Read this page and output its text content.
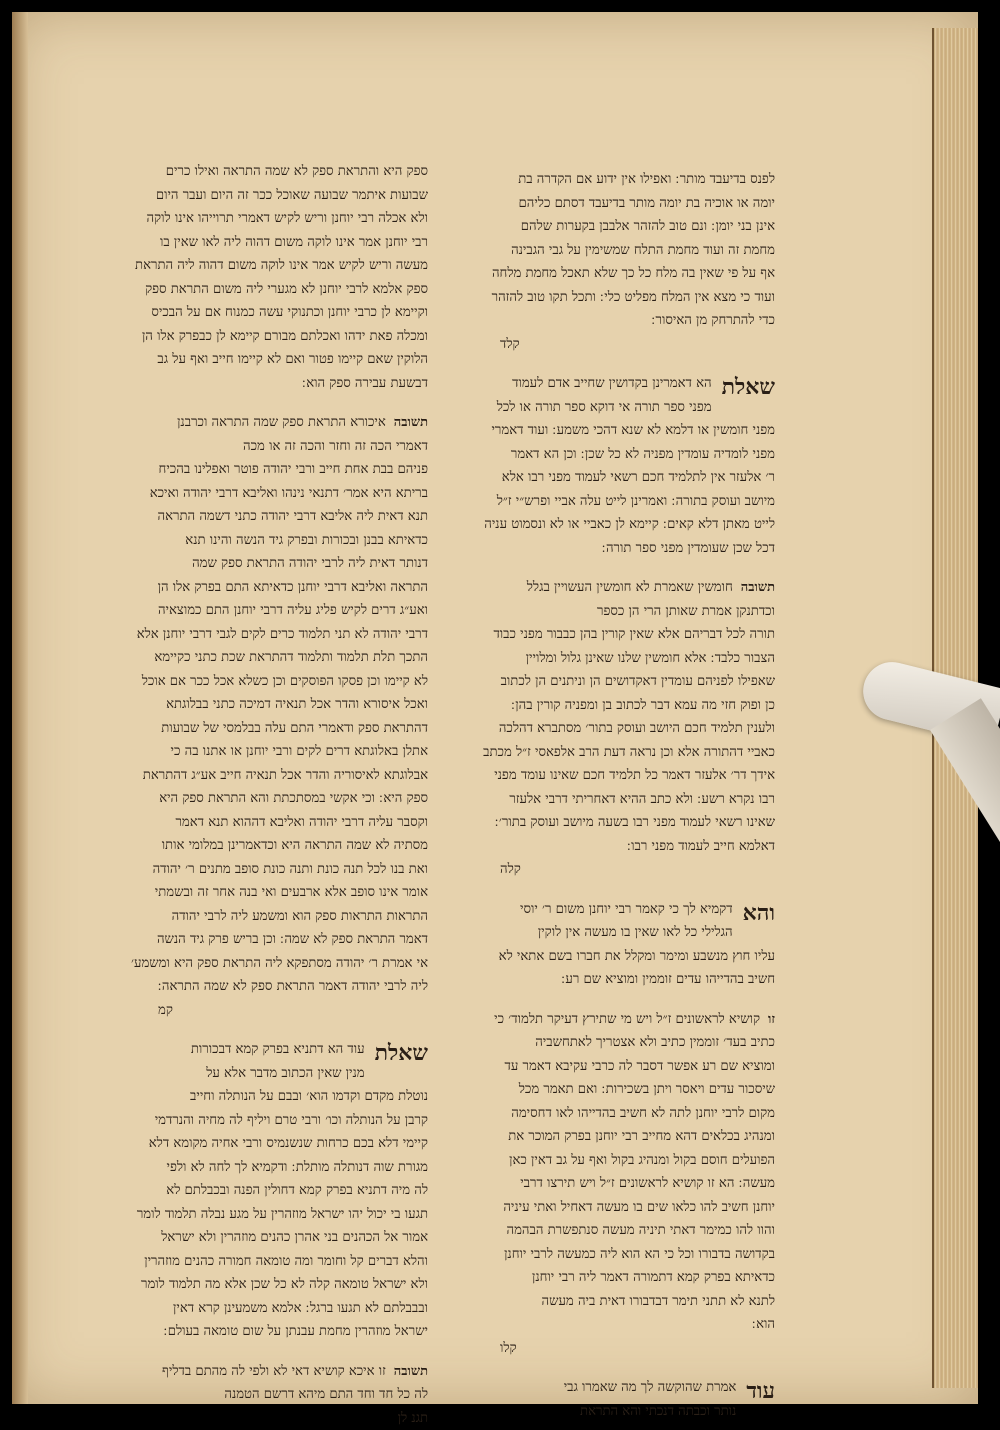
לפנס בדיעבד מותר ׃ ואפילו אין ידוע אם הקדרה בת

יומה או אוכיה בת יומה מותר בדיעבד דסתם כליהם

אינן בני יומן ׃ ונם טוב להזהר אלבבן בקערות שלהם

מחמת זה ועוד מחמת התלח שמשימין על גבי הגבינה

אף על פי שאין בה מלח כל כך שלא תאכל מחמת מלחה

ועוד כי מצא אין המלח מפליט כלי ׃ ותכל תקו טוב להזהר

כדי להתרחק מן האיסור ׃

קלד
שאלת

הא דאמרינן בקדושין שחייב אדם לעמוד

מפני ספר תורה אי דוקא ספר תורה או לכל

מפני חומשין או דלמא לא שנא דהכי משמע ׃ ועוד דאמרי

מפני לומדיה עומדין מפניה לא כל שכן ׃ וכן הא דאמר

ר׳ אלעזר אין לתלמיד חכם רשאי לעמוד מפני רבו אלא

מיושב ועוסק בתורה ׃ ואמרינן לייט עלה אביי ופרש״י ז״ל

לייט מאתן דלא קאים ׃ קיימא לן כאביי או לא ונסמוט עניה

דכל שכן שעומדין מפני ספר תורה ׃

תשובה

חומשין שאמרת לא חומשין העשויין בגלל

וכדתנקן אמרת שאותן הרי הן כספר

תורה לכל דבריהם אלא שאין קורין בהן כבבור מפני כבוד

הצבור כלבד ׃ אלא חומשין שלנו שאינן גלול ומלויין

שאפילו לפניהם עומדין דאקדושים הן וניתנים הן לכתוב

כן ופוק חזי מה עמא דבר לכתוב בן ומפניה קורין בהן ׃

ולענין תלמיד חכם היושב ועוסק בתור׳ מסתברא דהלכה

כאביי דהתורה אלא וכן נראה דעת הרב אלפאסי ז״ל מכתב

אידך דר׳ אלעזר דאמר כל תלמיד חכם שאינו עומד מפני

רבו נקרא רשע ׃ ולא כתב ההיא דאחריתי דרבי אלעזר

שאינו רשאי לעמוד מפני רבו בשעה מיושב ועוסק בתור׳ ׃

דאלמא חייב לעמוד מפני רבו ׃

קלה
והא

דקמיא לך כי קאמר רבי יוחנן משום ר׳ יוסי

הגלילי כל לאו שאין בו מעשה אין לוקין

עליו חוץ מנשבע ומימר ומקלל את חברו בשם אתאי לא

חשיב בהדייהו עדים זוממין ומוציא שם רע ׃

זו

קושיא לראשונים ז״ל ויש מי שתירץ דעיקר תלמוד׳ כי

כתיב בעד׳ זוממין כתיב ולא אצטריך לאתחשביה

ומוציא שם רע אפשר דסבר לה כרבי עקיבא דאמר עד

שיסכור עדים ויאסר ויתן בשכירות ׃ ואם תאמר מכל

מקום לרבי יוחנן לתה לא חשיב בהדייהו לאו דחסימה

ומנהיג בכלאים דהא מחייב רבי יוחנן בפרק המוכר את

הפועלים חוסם בקול ומנהיג בקול ואף על גב דאין כאן

מעשה ׃ הא זו קושיא לראשונים ז״ל ויש תירצו דרבי

יוחנן חשיב להו כלאו שים בו מעשה דאחיל ואתי עיניה

והוו להו כמימר דאתי תיניה מעשה סנתפשרת הבהמה

בקדושה בדבורו וכל כי הא הוא ליה כמעשה לרבי יוחנן

כדאיתא בפרק קמא דתמורה דאמר ליה רבי יוחנן

לתנא לא תתני תימר דבדבורו דאית ביה מעשה

הוא ׃

קלו
עוד

אמרת שהוקשה לך מה שאמרו גבי

נותר וכבתה דנכתי והא התראת

ספק היא והתראת ספק לא שמה התראה ואילו כרים

שבועות איתמר שבועה שאוכל ככר זה היום ועבר היום

ולא אכלה רבי יוחנן וריש לקיש דאמרי תרוייהו אינו לוקה

רבי יוחנן אמר אינו לוקה משום דהוה ליה לאו שאין בו

מעשה וריש לקיש אמר אינו לוקה משום דהוה ליה התראת

ספק אלמא לרבי יוחנן לא מגערי ליה משום התראת ספק

וקיימא לן כרבי יוחנן וכתנוקי עשה כמנוח אם על הבכיס

ומכלה פאת ידהו ואכלתם מבורם קיימא לן כבפרק אלו הן

הלוקין שאם קיימו פטור ואם לא קיימו חייב ואף על גב

דבשעת עבירה ספק הוא ׃

תשובה

איכורא התראת ספק שמה התראה וכרבנן

דאמרי הכה זה וחזר והכה זה או מכה

פניהם בבת אחת חייב ורבי יהודה פוטר ואפלינו בהכיח

בריתא היא אמר׳ דתנאי נינהו ואליבא דרבי יהודה ואיכא

תנא דאית ליה אליבא דרבי יהודה כתני דשמה התראה

כדאיתא בבנן ובכורות ובפרק גיד הנשה והינו תנא

דנותר דאית ליה לרבי יהודה התראת ספק שמה

התראה ואליבא דרבי יוחנן כדאיתא התם בפרק אלו הן

ואע״ג דרים לקיש פליג עליה דרבי יוחנן התם כמוצאיה

דרבי יהודה לא תני תלמוד כרים לקים לגבי דרבי יוחנן אלא

התכך תלת תלמוד ותלמוד דהתראת שכת כתני כקיימא

לא קיימו וכן פסקו הפוסקים וכן כשלא אכל ככר אם אוכל

ואכל איסורא והדר אכל תנאיה דמיכה כתני בבלוגתא

דהתראת ספק ודאמרי התם עלה בבלמסי של שבועות

אתלן באלוגתא דרים לקים ורבי יוחנן או אתנו בה כי

אבלוגתא לאיסוריה והדר אכל תנאיה חייב אע״ג דהתראת

ספק היא ׃ וכי אקשי במסתכתת והא התראת ספק היא

וקסבר עליה דרבי יהודה ואליבא דההוא תנא דאמר

מסתיה לא שמה התראה היא וכדאמרינן במלומי אותו

ואת בנו לכל תנה כונת ותנה כונת סופב מתנים ר׳ יהודה

אומר אינו סופב אלא ארבעים ואי בנה אחר זה ובשמתי

התראות התראות ספק הוא ומשמע ליה לרבי יהודה

דאמר התראת ספק לא שמה ׃ וכן בריש פרק גיד הנשה

אי אמרת ר׳ יהודה מסתפקא ליה התראת ספק היא ומשמע׳

ליה לרבי יהודה דאמר התראת ספק לא שמה התראה ׃

קמ
שאלת

עוד הא דתניא בפרק קמא דבכורות

מנין שאין הכתוב מדבר אלא על

נוטלת מקדם וקדמו הוא׳ ובבם על הנותלה וחייב

קרבן על הנותלה וכו׳ ורבי טרם ויליף לה מחיה והנרדמי

קיימי דלא בכם כרחות שנשנמיס ורבי אחיה מקומא דלא

מגורת שוה דנותלה מותלת ׃ ודקמיא לך לחה לא ולפי

לה מיה דתניא בפרק קמא דחולין הפנה ובכבלתם לא

תגעו בי יכול יהו ישראל מוזהרין על מגע נבלה תלמוד לומר

אמור אל הכהנים בני אהרן כהנים מוזהרין ולא ישראל

והלא דברים קל וחומר ומה טומאה חמורה כהנים מוזהרין

ולא ישראל טומאה קלה לא כל שכן אלא מה תלמוד לומר

ובבבלתם לא תגעו ברגל ׃ אלמא משמעינן קרא דאין

ישראל מוזהרין מחמת עבנתן על שום טומאה בעולם ׃

תשובה

זו איכא קושיא דאי לא ולפי לה מהתם בדליף

לה כל חד וחד התם מיהא דרשם הטמנה

תגנ לן
